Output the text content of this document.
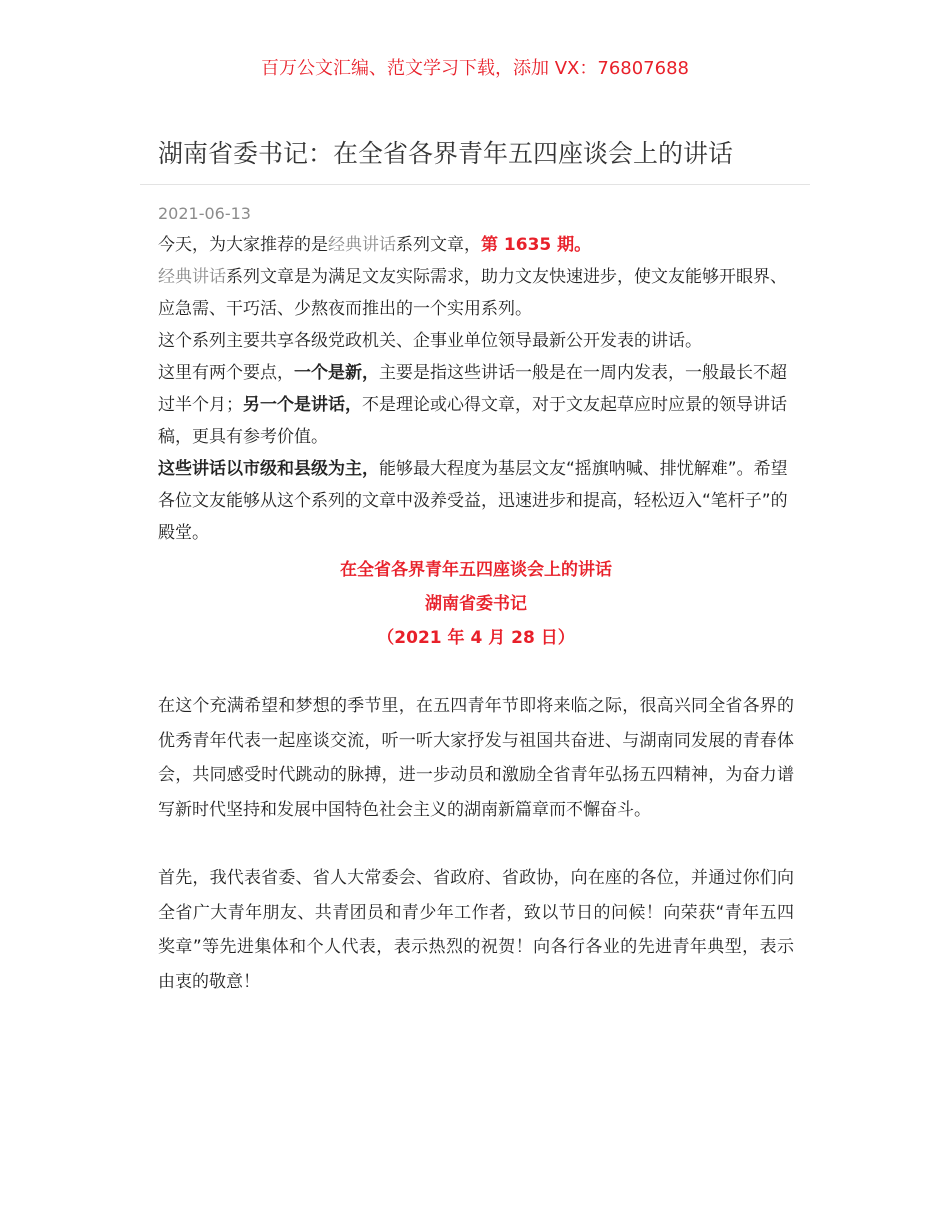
百万公文汇编、范文学习下载，添加 VX：76807688
湖南省委书记：在全省各界青年五四座谈会上的讲话
2021-06-13

今天，为大家推荐的是经典讲话系列文章，第 1635 期。

经典讲话系列文章是为满足文友实际需求，助力文友快速进步，使文友能够开眼界、应急需、干巧活、少熬夜而推出的一个实用系列。

这个系列主要共享各级党政机关、企事业单位领导最新公开发表的讲话。

这里有两个要点，一个是新，主要是指这些讲话一般是在一周内发表，一般最长不超过半个月；另一个是讲话，不是理论或心得文章，对于文友起草应时应景的领导讲话稿，更具有参考价值。

这些讲话以市级和县级为主，能够最大程度为基层文友“摇旗呐喊、排忧解难”。希望各位文友能够从这个系列的文章中汲养受益，迅速进步和提高，轻松迈入“笔杆子”的殿堂。

在全省各界青年五四座谈会上的讲话

湖南省委书记

（2021 年 4 月 28 日）

在这个充满希望和梦想的季节里，在五四青年节即将来临之际，很高兴同全省各界的优秀青年代表一起座谈交流，听一听大家抒发与祖国共奋进、与湖南同发展的青春体会，共同感受时代跳动的脉搏，进一步动员和激励全省青年弘扬五四精神，为奋力谱写新时代坚持和发展中国特色社会主义的湖南新篇章而不懈奋斗。

首先，我代表省委、省人大常委会、省政府、省政协，向在座的各位，并通过你们向全省广大青年朋友、共青团员和青少年工作者，致以节日的问候！向荣获“青年五四奖章”等先进集体和个人代表，表示热烈的祝贺！向各行各业的先进青年典型，表示由衷的敬意！
